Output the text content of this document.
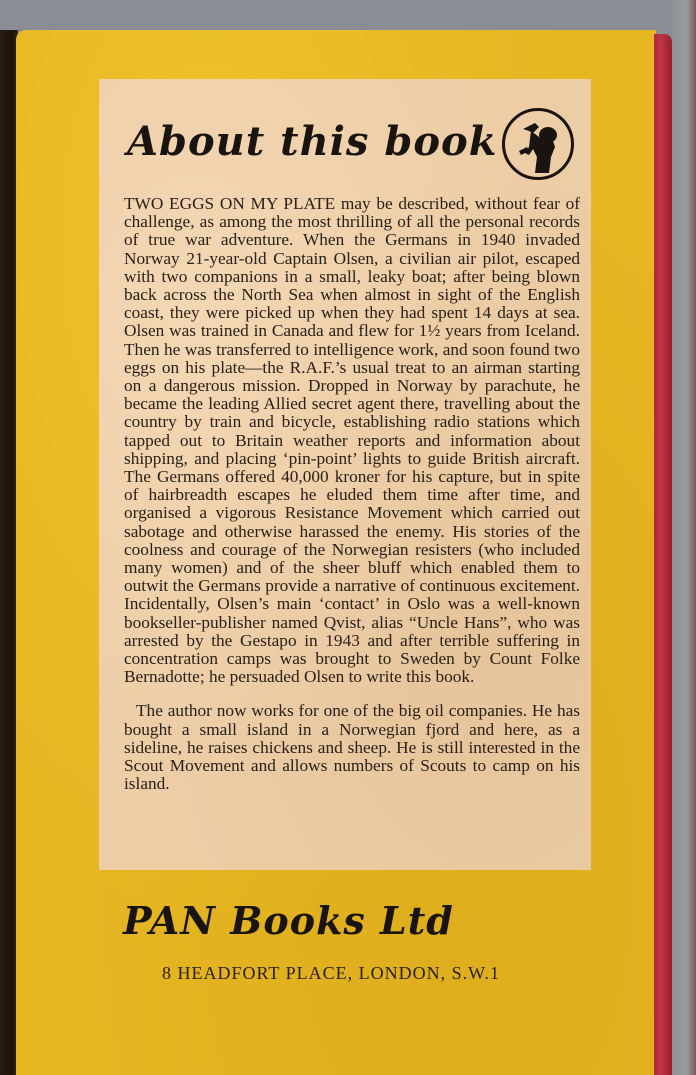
About this book

TWO EGGS ON MY PLATE may be described, without fear of challenge, as among the most thrilling of all the personal records of true war adventure. When the Germans in 1940 invaded Norway 21-year-old Captain Olsen, a civilian air pilot, escaped with two companions in a small, leaky boat; after being blown back across the North Sea when almost in sight of the English coast, they were picked up when they had spent 14 days at sea. Olsen was trained in Canada and flew for 1½ years from Iceland. Then he was transferred to intelligence work, and soon found two eggs on his plate—the R.A.F.’s usual treat to an airman starting on a dangerous mission. Dropped in Norway by parachute, he became the leading Allied secret agent there, travelling about the country by train and bicycle, establishing radio stations which tapped out to Britain weather reports and information about shipping, and placing ‘pin-point’ lights to guide British aircraft. The Germans offered 40,000 kroner for his capture, but in spite of hairbreadth escapes he eluded them time after time, and organised a vigorous Resistance Movement which carried out sabotage and otherwise harassed the enemy. His stories of the coolness and courage of the Norwegian resisters (who included many women) and of the sheer bluff which enabled them to outwit the Germans provide a narrative of continuous excitement. Incidentally, Olsen’s main ‘contact’ in Oslo was a well-known bookseller-publisher named Qvist, alias “Uncle Hans”, who was arrested by the Gestapo in 1943 and after terrible suffering in concentration camps was brought to Sweden by Count Folke Bernadotte; he persuaded Olsen to write this book.

The author now works for one of the big oil companies. He has bought a small island in a Norwegian fjord and here, as a sideline, he raises chickens and sheep. He is still interested in the Scout Movement and allows numbers of Scouts to camp on his island.

PAN Books Ltd
8 HEADFORT PLACE, LONDON, S.W.1
